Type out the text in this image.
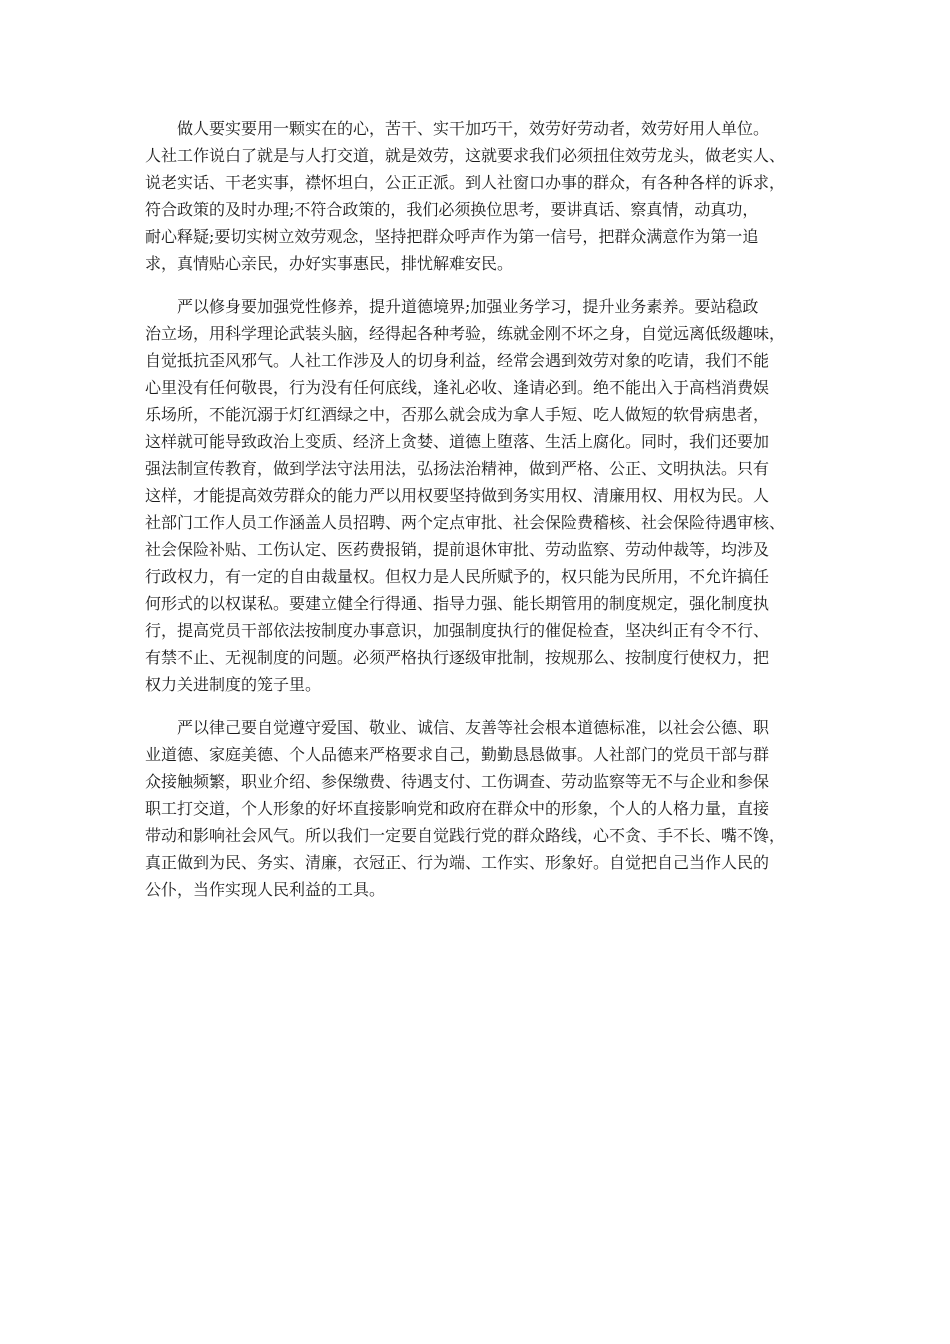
做人要实要用一颗实在的心，苦干、实干加巧干，效劳好劳动者，效劳好用人单位。
人社工作说白了就是与人打交道，就是效劳，这就要求我们必须扭住效劳龙头，做老实人、
说老实话、干老实事，襟怀坦白，公正正派。到人社窗口办事的群众，有各种各样的诉求，
符合政策的及时办理;不符合政策的，我们必须换位思考，要讲真话、察真情，动真功，
耐心释疑;要切实树立效劳观念，坚持把群众呼声作为第一信号，把群众满意作为第一追
求，真情贴心亲民，办好实事惠民，排忧解难安民。
严以修身要加强党性修养，提升道德境界;加强业务学习，提升业务素养。要站稳政
治立场，用科学理论武装头脑，经得起各种考验，练就金刚不坏之身，自觉远离低级趣味，
自觉抵抗歪风邪气。人社工作涉及人的切身利益，经常会遇到效劳对象的吃请，我们不能
心里没有任何敬畏，行为没有任何底线，逢礼必收、逢请必到。绝不能出入于高档消费娱
乐场所，不能沉溺于灯红酒绿之中，否那么就会成为拿人手短、吃人做短的软骨病患者，
这样就可能导致政治上变质、经济上贪婪、道德上堕落、生活上腐化。同时，我们还要加
强法制宣传教育，做到学法守法用法，弘扬法治精神，做到严格、公正、文明执法。只有
这样，才能提高效劳群众的能力严以用权要坚持做到务实用权、清廉用权、用权为民。人
社部门工作人员工作涵盖人员招聘、两个定点审批、社会保险费稽核、社会保险待遇审核、
社会保险补贴、工伤认定、医药费报销，提前退休审批、劳动监察、劳动仲裁等，均涉及
行政权力，有一定的自由裁量权。但权力是人民所赋予的，权只能为民所用，不允许搞任
何形式的以权谋私。要建立健全行得通、指导力强、能长期管用的制度规定，强化制度执
行，提高党员干部依法按制度办事意识，加强制度执行的催促检查，坚决纠正有令不行、
有禁不止、无视制度的问题。必须严格执行逐级审批制，按规那么、按制度行使权力，把
权力关进制度的笼子里。
严以律己要自觉遵守爱国、敬业、诚信、友善等社会根本道德标准，以社会公德、职
业道德、家庭美德、个人品德来严格要求自己，勤勤恳恳做事。人社部门的党员干部与群
众接触频繁，职业介绍、参保缴费、待遇支付、工伤调查、劳动监察等无不与企业和参保
职工打交道，个人形象的好坏直接影响党和政府在群众中的形象，个人的人格力量，直接
带动和影响社会风气。所以我们一定要自觉践行党的群众路线，心不贪、手不长、嘴不馋，
真正做到为民、务实、清廉，衣冠正、行为端、工作实、形象好。自觉把自己当作人民的
公仆，当作实现人民利益的工具。
